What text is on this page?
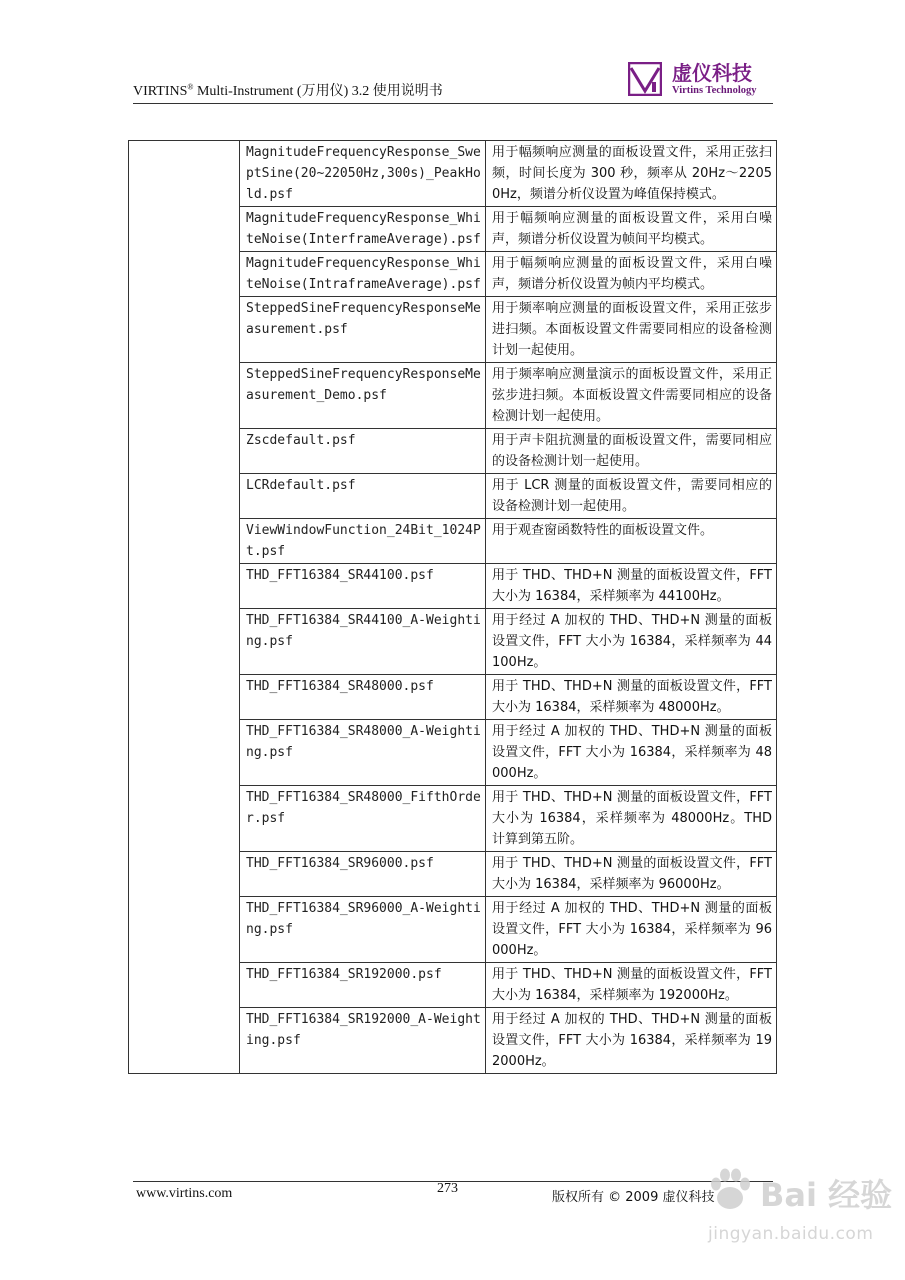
VIRTINS® Multi-Instrument (万用仪) 3.2 使用说明书
虚仪科技
Virtins Technology
	MagnitudeFrequencyResponse_SweptSine(20~22050Hz,300s)_PeakHold.psf	用于幅频响应测量的面板设置文件，采用正弦扫频，时间长度为 300 秒，频率从 20Hz～22050Hz，频谱分析仪设置为峰值保持模式。
	MagnitudeFrequencyResponse_WhiteNoise(InterframeAverage).psf	用于幅频响应测量的面板设置文件，采用白噪声，频谱分析仪设置为帧间平均模式。
	MagnitudeFrequencyResponse_WhiteNoise(IntraframeAverage).psf	用于幅频响应测量的面板设置文件，采用白噪声，频谱分析仪设置为帧内平均模式。
	SteppedSineFrequencyResponseMeasurement.psf	用于频率响应测量的面板设置文件，采用正弦步进扫频。本面板设置文件需要同相应的设备检测计划一起使用。
	SteppedSineFrequencyResponseMeasurement_Demo.psf	用于频率响应测量演示的面板设置文件，采用正弦步进扫频。本面板设置文件需要同相应的设备检测计划一起使用。
	Zscdefault.psf	用于声卡阻抗测量的面板设置文件，需要同相应的设备检测计划一起使用。
	LCRdefault.psf	用于 LCR 测量的面板设置文件，需要同相应的设备检测计划一起使用。
	ViewWindowFunction_24Bit_1024Pt.psf	用于观查窗函数特性的面板设置文件。
	THD_FFT16384_SR44100.psf	用于 THD、THD+N 测量的面板设置文件，FFT 大小为 16384，采样频率为 44100Hz。
	THD_FFT16384_SR44100_A-Weighting.psf	用于经过 A 加权的 THD、THD+N 测量的面板设置文件，FFT 大小为 16384，采样频率为 44100Hz。
	THD_FFT16384_SR48000.psf	用于 THD、THD+N 测量的面板设置文件，FFT 大小为 16384，采样频率为 48000Hz。
	THD_FFT16384_SR48000_A-Weighting.psf	用于经过 A 加权的 THD、THD+N 测量的面板设置文件，FFT 大小为 16384，采样频率为 48000Hz。
	THD_FFT16384_SR48000_FifthOrder.psf	用于 THD、THD+N 测量的面板设置文件，FFT 大小为 16384，采样频率为 48000Hz。THD 计算到第五阶。
	THD_FFT16384_SR96000.psf	用于 THD、THD+N 测量的面板设置文件，FFT 大小为 16384，采样频率为 96000Hz。
	THD_FFT16384_SR96000_A-Weighting.psf	用于经过 A 加权的 THD、THD+N 测量的面板设置文件，FFT 大小为 16384，采样频率为 96000Hz。
	THD_FFT16384_SR192000.psf	用于 THD、THD+N 测量的面板设置文件，FFT 大小为 16384，采样频率为 192000Hz。
	THD_FFT16384_SR192000_A-Weighting.psf	用于经过 A 加权的 THD、THD+N 测量的面板设置文件，FFT 大小为 16384，采样频率为 192000Hz。
www.virtins.com	273
版权所有 © 2009 虚仪科技 Bai 经验
jingyan.baidu.com
